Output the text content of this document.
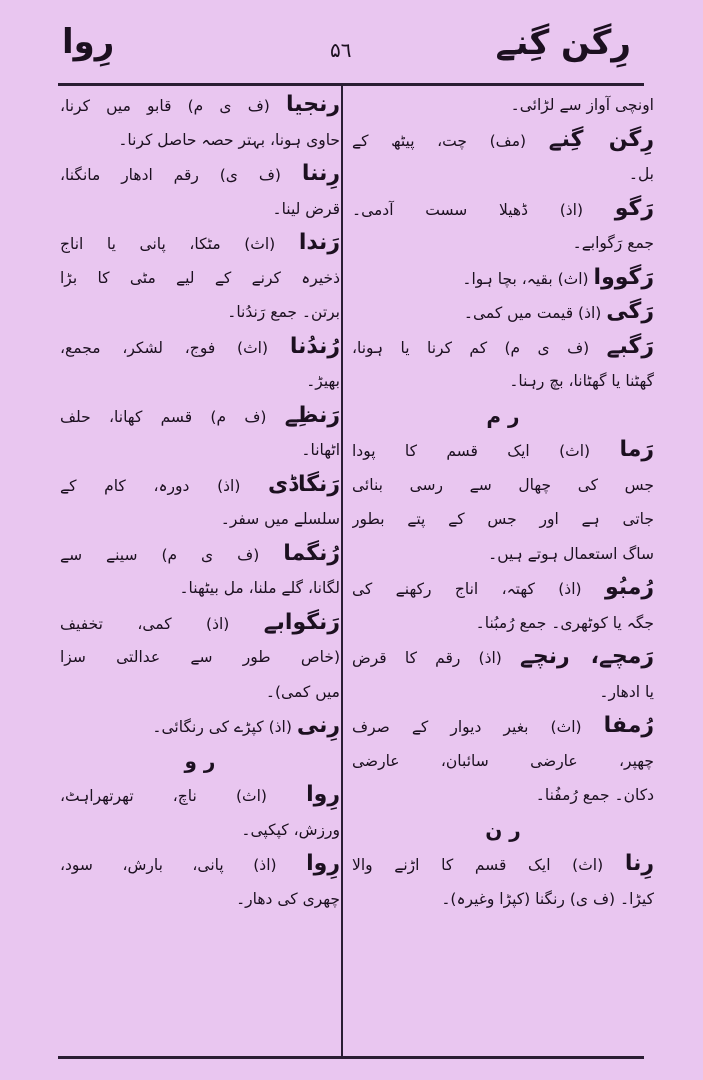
رِگن گِنے
۵٦
رِوا
اونچی آواز سے لڑائی۔
رِگن گِنے (مف) چت، پیٹھ کے
بل۔
رَگو (اذ) ڈھیلا سست آدمی۔
جمع رَگوابے۔
رَگووا (اث) بقیہ، بچا ہوا۔
رَگی (اذ) قیمت میں کمی۔
رَگبے (ف ی م) کم کرنا یا ہونا،
گھٹنا یا گھٹانا، بچ رہنا۔
ر م
رَما (اث) ایک قسم کا پودا
جس کی چھال سے رسی بنائی
جاتی ہے اور جس کے پتے بطور
ساگ استعمال ہوتے ہیں۔
رُمبُو (اذ) کھتہ، اناج رکھنے کی
جگہ یا کوٹھری۔ جمع رُمبُنا۔
رَمچے، رنچے (اذ) رقم کا قرض
یا ادھار۔
رُمفا (اث) بغیر دیوار کے صرف
چھپر، عارضی سائبان، عارضی
دکان۔ جمع رُمفُنا۔
ر ن
رِنا (اث) ایک قسم کا اڑنے والا
کیڑا۔ (ف ی) رنگنا (کپڑا وغیرہ)۔
رنجیا (ف ی م) قابو میں کرنا،
حاوی ہونا، بہتر حصہ حاصل کرنا۔
رِننا (ف ی) رقم ادھار مانگنا،
قرض لینا۔
رَندا (اث) مٹکا، پانی یا اناج
ذخیرہ کرنے کے لیے مٹی کا بڑا
برتن۔ جمع رَندُنا۔
رُندُنا (اث) فوج، لشکر، مجمع،
بھیڑ۔
رَنظِے (ف م) قسم کھانا، حلف
اٹھانا۔
رَنگاڈی (اذ) دورہ، کام کے
سلسلے میں سفر۔
رُنگما (ف ی م) سینے سے
لگانا، گلے ملنا، مل بیٹھنا۔
رَنگوابے (اذ) کمی، تخفیف
(خاص طور سے عدالتی سزا
میں کمی)۔
رِنی (اذ) کپڑے کی رنگائی۔
ر و
رِوا (اث) ناچ، تھرتھراہٹ،
ورزش، کپکپی۔
رِوا (اذ) پانی، بارش، سود،
چھری کی دھار۔
